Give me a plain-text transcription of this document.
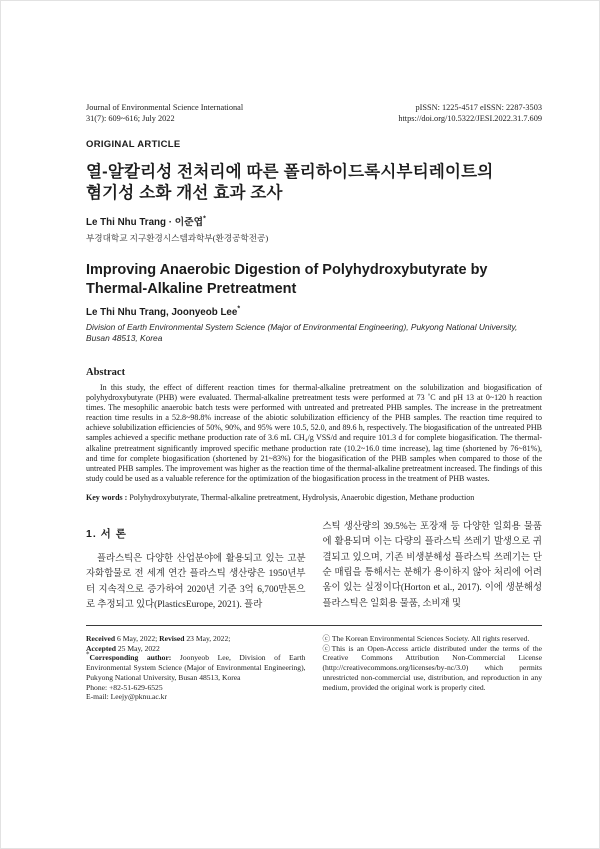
Journal of Environmental Science International
31(7): 609~616; July 2022
pISSN: 1225-4517 eISSN: 2287-3503
https://doi.org/10.5322/JESI.2022.31.7.609
ORIGINAL ARTICLE
열-알칼리성 전처리에 따른 폴리하이드록시부티레이트의
혐기성 소화 개선 효과 조사
Le Thi Nhu Trang · 이준엽*
부경대학교 지구환경시스템과학부(환경공학전공)
Improving Anaerobic Digestion of Polyhydroxybutyrate by
Thermal-Alkaline Pretreatment
Le Thi Nhu Trang, Joonyeob Lee*
Division of Earth Environmental System Science (Major of Environmental Engineering), Pukyong National University, Busan 48513, Korea
Abstract
In this study, the effect of different reaction times for thermal-alkaline pretreatment on the solubilization and biogasification of polyhydroxybutyrate (PHB) were evaluated. Thermal-alkaline pretreatment tests were performed at 73 ˚C and pH 13 at 0~120 h reaction times. The mesophilic anaerobic batch tests were performed with untreated and pretreated PHB samples. The increase in the pretreatment reaction time results in a 52.8~98.8% increase of the abiotic solubilization efficiency of the PHB samples. The reaction time required to achieve solubilization efficiencies of 50%, 90%, and 95% were 10.5, 52.0, and 89.6 h, respectively. The biogasification of the untreated PHB samples achieved a specific methane production rate of 3.6 mL CH₄/g VSS/d and require 101.3 d for complete biogasification. The thermal-alkaline pretreatment significantly improved specific methane production rate (10.2~16.0 time increase), lag time (shortened by 76~81%), and time for complete biogasification (shortened by 21~83%) for the biogasification of the PHB samples when compared to those of the untreated PHB samples. The improvement was higher as the reaction time of the thermal-alkaline pretreatment increased. The findings of this study could be used as a valuable reference for the optimization of the biogasification process in the treatment of PHB wastes.
Key words : Polyhydroxybutyrate, Thermal-alkaline pretreatment, Hydrolysis, Anaerobic digestion, Methane production

1. 서 론

플라스틱은 다양한 산업분야에 활용되고 있는 고분자화합물로 전 세계 연간 플라스틱 생산량은 1950년부터 지속적으로 증가하여 2020년 기준 3억 6,700만톤으로 추정되고 있다(PlasticsEurope, 2021). 플라
스틱 생산량의 39.5%는 포장재 등 다양한 일회용 물품에 활용되며 이는 다량의 플라스틱 쓰레기 발생으로 귀결되고 있으며, 기존 비생분해성 플라스틱 쓰레기는 단순 매립을 통해서는 분해가 용이하지 않아 처리에 어려움이 있는 실정이다(Horton et al., 2017). 이에 생분해성 플라스틱은 일회용 물품, 소비재 및

Received 6 May, 2022; Revised 23 May, 2022;

Accepted 25 May, 2022

*Corresponding author: Joonyeob Lee, Division of Earth Environmental System Science (Major of Environmental Engineering), Pukyong National University, Busan 48513, Korea

Phone: +82-51-629-6525

E-mail: Leejy@pknu.ac.kr

ⓒ The Korean Environmental Sciences Society. All rights reserved.

ⓒThis is an Open-Access article distributed under the terms of the Creative Commons Attribution Non-Commercial License (http://creativecommons.org/licenses/by-nc/3.0) which permits unrestricted non-commercial use, distribution, and reproduction in any medium, provided the original work is properly cited.
